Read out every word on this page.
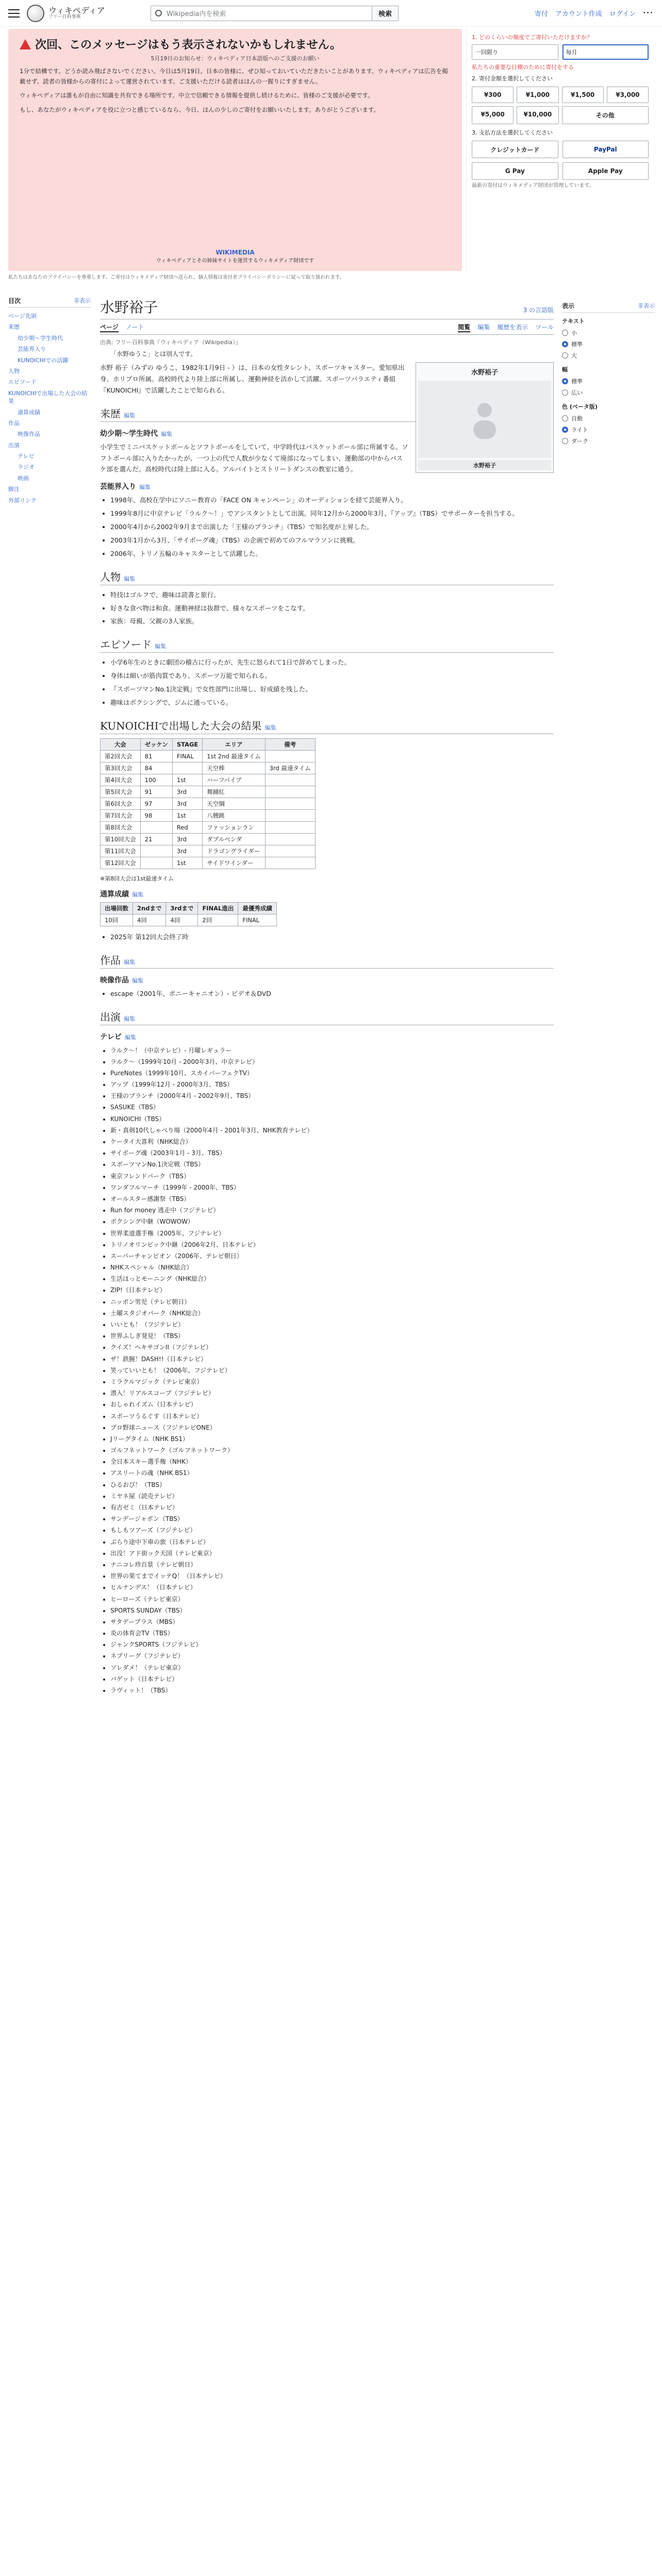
ウィキペディア
フリー百科事典	Wikipedia内を検索	検索	寄付 アカウント作成 ログイン ···
次回、このメッセージはもう表示されないかもしれません。
5月19日のお知らせ：ウィキペディア日本語版へのご支援のお願い

1分で結構です。どうか読み飛ばさないでください。今日は5月19日。日本の皆様に、ぜひ知っておいていただきたいことがあります。ウィキペディアは広告を掲載せず、読者の皆様からの寄付によって運営されています。ご支援いただける読者はほんの一握りにすぎません。

ウィキペディアは誰もが自由に知識を共有できる場所です。中立で信頼できる情報を提供し続けるために、皆様のご支援が必要です。

もし、あなたがウィキペディアを役に立つと感じているなら、今日、ほんの少しのご寄付をお願いいたします。ありがとうございます。

WIKIMEDIA
ウィキペディアとその姉妹サイトを運営するウィキメディア財団です
1. どのくらいの頻度でご寄付いただけますか？
一回限り	毎月
私たちの重要な目標のために寄付をする
2. 寄付金額を選択してください
¥300	¥1,000	¥1,500	¥3,000
¥5,000	¥10,000	その他
3. 支払方法を選択してください
クレジットカード	PayPal
G Pay	Apple Pay
最新の寄付はウィキメディア財団が管理しています。
私たちはあなたのプライバシーを尊重します。ご寄付はウィキメディア財団へ送られ、個人情報は寄付者プライバシーポリシーに従って取り扱われます。
目次	非表示
ページ先頭
来歴
幼少期〜学生時代
芸能界入り
KUNOICHIでの活躍
人物
エピソード
KUNOICHIで出場した大会の結果
通算成績
作品
映像作品
出演
テレビ
ラジオ
映画
脚注
外部リンク
水野裕子	3 の言語版
ページ ノート	閲覧 編集 履歴を表示 ツール
出典: フリー百科事典『ウィキペディア（Wikipedia）』
「水野ゆうこ」とは別人です。
水野裕子
水野裕子

水野 裕子（みずの ゆうこ、1982年1月9日 - ）は、日本の女性タレント、スポーツキャスター。愛知県出身。ホリプロ所属。高校時代より陸上部に所属し、運動神経を活かして活躍。スポーツバラエティ番組『KUNOICHI』で活躍したことで知られる。

来歴 編集
幼少期〜学生時代 編集

小学生でミニバスケットボールとソフトボールをしていて、中学時代はバスケットボール部に所属する。ソフトボール部に入りたかったが、一つ上の代で人数が少なくて廃部になってしまい、運動部の中からバスケ部を選んだ。高校時代は陸上部に入る。アルバイトとストリートダンスの教室に通う。

芸能界入り 編集
• 1998年、高校在学中にソニー教育の「FACE ON キャンペーン」のオーディションを経て芸能界入り。
• 1999年8月に中京テレビ「ラルク〜！」でアシスタントとして出演。同年12月から2000年3月、『アップ』（TBS）でサポーターを担当する。
• 2000年4月から2002年9月まで出演した「王様のブランチ」（TBS）で知名度が上昇した。
• 2003年1月から3月、「サイボーグ魂」（TBS）の企画で初めてのフルマラソンに挑戦。
• 2006年、トリノ五輪のキャスターとして活躍した。
人物 編集
• 特技はゴルフで、趣味は読書と旅行。
• 好きな食べ物は和食。運動神経は抜群で、様々なスポーツをこなす。
• 家族：母親、父親の3人家族。
エピソード 編集
• 小学6年生のときに劇団の稽古に行ったが、先生に怒られて1日で辞めてしまった。
• 身体は細いが筋肉質であり、スポーツ万能で知られる。
• 『スポーツマンNo.1決定戦』で女性部門に出場し、好成績を残した。
• 趣味はボクシングで、ジムに通っている。
KUNOICHIで出場した大会の結果 編集
大会	ゼッケン	STAGE	エリア	備考
第2回大会	81	FINAL	1st 2nd 最速タイム	
第3回大会	84		天空棒	3rd 最速タイム
第4回大会	100	1st	ハーフパイプ	
第5回大会	91	3rd	舞踊紅	
第6回大会	97	3rd	天空綱	
第7回大会	98	1st	八艘跳	
第8回大会		Red	ファッションラン	
第10回大会	21	3rd	ダブルペンダ	
第11回大会		3rd	ドラゴングライダー	
第12回大会		1st	サイドワインダー	
※第8回大会は1st最速タイム
通算成績 編集
出場回数	2ndまで	3rdまで	FINAL進出	最優秀成績
10回	4回	4回	2回	FINAL
• 2025年 第12回大会終了時
作品 編集
映像作品 編集
• escape（2001年、ポニーキャニオン）- ビデオ＆DVD
出演 編集
テレビ 編集
• ラルク〜！（中京テレビ）- 月曜レギュラー
• ラルク〜（1999年10月 - 2000年3月、中京テレビ）
• PureNotes（1999年10月、スカイパーフェクTV）
• アップ（1999年12月 - 2000年3月、TBS）
• 王様のブランチ（2000年4月 - 2002年9月、TBS）
• SASUKE（TBS）
• KUNOICHI（TBS）
• 新・真剣10代しゃべり場（2000年4月 - 2001年3月、NHK教育テレビ）
• ケータイ大喜利（NHK総合）
• サイボーグ魂（2003年1月 - 3月、TBS）
• スポーツマンNo.1決定戦（TBS）
• 東京フレンドパーク（TBS）
• ワンダフルマーチ（1999年 - 2000年、TBS）
• オールスター感謝祭（TBS）
• Run for money 逃走中（フジテレビ）
• ボクシング中継（WOWOW）
• 世界柔道選手権（2005年、フジテレビ）
• トリノオリンピック中継（2006年2月、日本テレビ）
• スーパーチャンピオン（2006年、テレビ朝日）
• NHKスペシャル（NHK総合）
• 生活ほっとモーニング（NHK総合）
• ZIP!（日本テレビ）
• ニッポン男児（テレビ朝日）
• 土曜スタジオパーク（NHK総合）
• いいとも！（フジテレビ）
• 世界ふしぎ発見！（TBS）
• クイズ！ヘキサゴンII（フジテレビ）
• ザ！鉄腕！DASH!!（日本テレビ）
• 笑っていいとも！（2006年、フジテレビ）
• ミラクルマジック（テレビ東京）
• 潜入！リアルスコープ（フジテレビ）
• おしゃれイズム（日本テレビ）
• スポーツうるぐす（日本テレビ）
• プロ野球ニュース（フジテレビONE）
• Jリーグタイム（NHK BS1）
• ゴルフネットワーク（ゴルフネットワーク）
• 全日本スキー選手権（NHK）
• アスリートの魂（NHK BS1）
• ひるおび！（TBS）
• ミヤネ屋（読売テレビ）
• 有吉ゼミ（日本テレビ）
• サンデージャポン（TBS）
• もしもツアーズ（フジテレビ）
• ぶらり途中下車の旅（日本テレビ）
• 出没！アド街ック天国（テレビ東京）
• ナニコレ珍百景（テレビ朝日）
• 世界の果てまでイッテQ！（日本テレビ）
• ヒルナンデス！（日本テレビ）
• ヒーローズ（テレビ東京）
• SPORTS SUNDAY（TBS）
• サタデープラス（MBS）
• 炎の体育会TV（TBS）
• ジャンクSPORTS（フジテレビ）
• ネプリーグ（フジテレビ）
• ソレダメ！（テレビ東京）
• バゲット（日本テレビ）
• ラヴィット！（TBS）
表示	非表示
テキスト
小
標準
大
幅
標準
広い
色 (ベータ版)
自動
ライト
ダーク
